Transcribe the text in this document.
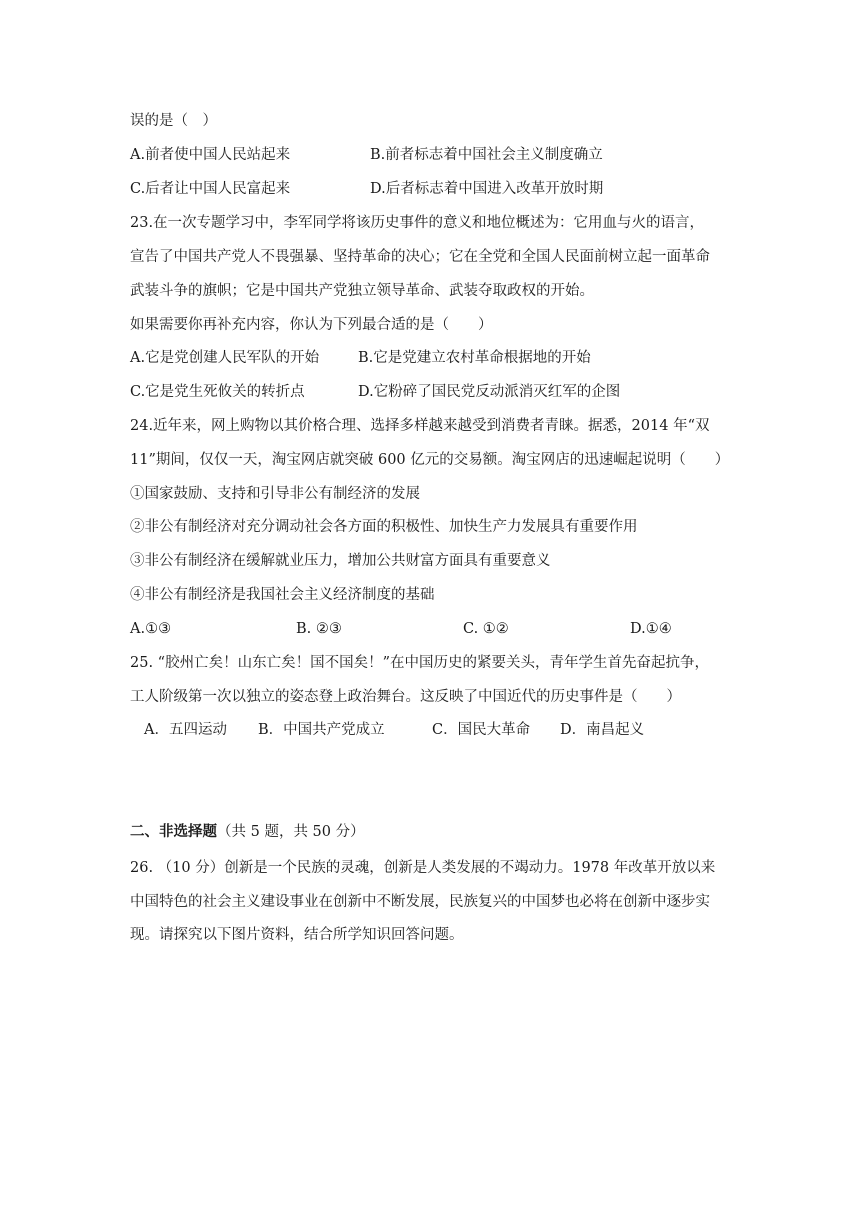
误的是（　）

A.前者使中国人民站起来	B.前者标志着中国社会主义制度确立
C.后者让中国人民富起来	D.后者标志着中国进入改革开放时期

23.在一次专题学习中，李军同学将该历史事件的意义和地位概述为：它用血与火的语言，

宣告了中国共产党人不畏强暴、坚持革命的决心；它在全党和全国人民面前树立起一面革命

武装斗争的旗帜；它是中国共产党独立领导革命、武装夺取政权的开始。

如果需要你再补充内容，你认为下列最合适的是（　　）

A.它是党创建人民军队的开始	B.它是党建立农村革命根据地的开始
C.它是党生死攸关的转折点	D.它粉碎了国民党反动派消灭红军的企图

24.近年来，网上购物以其价格合理、选择多样越来越受到消费者青睐。据悉，2014 年“双

11”期间，仅仅一天，淘宝网店就突破 600 亿元的交易额。淘宝网店的迅速崛起说明（　　）

①国家鼓励、支持和引导非公有制经济的发展

②非公有制经济对充分调动社会各方面的积极性、加快生产力发展具有重要作用

③非公有制经济在缓解就业压力，增加公共财富方面具有重要意义

④非公有制经济是我国社会主义经济制度的基础

A.①③	B. ②③	C. ①②	D.①④

25. “胶州亡矣！山东亡矣！国不国矣！”在中国历史的紧要关头，青年学生首先奋起抗争，

工人阶级第一次以独立的姿态登上政治舞台。这反映了中国近代的历史事件是（　　）

A．五四运动 B．中国共产党成立	C．国民大革命 D．南昌起义

二、非选择题（共 5 题，共 50 分）

26. （10 分）创新是一个民族的灵魂，创新是人类发展的不竭动力。1978 年改革开放以来

中国特色的社会主义建设事业在创新中不断发展，民族复兴的中国梦也必将在创新中逐步实

现。请探究以下图片资料，结合所学知识回答问题。
